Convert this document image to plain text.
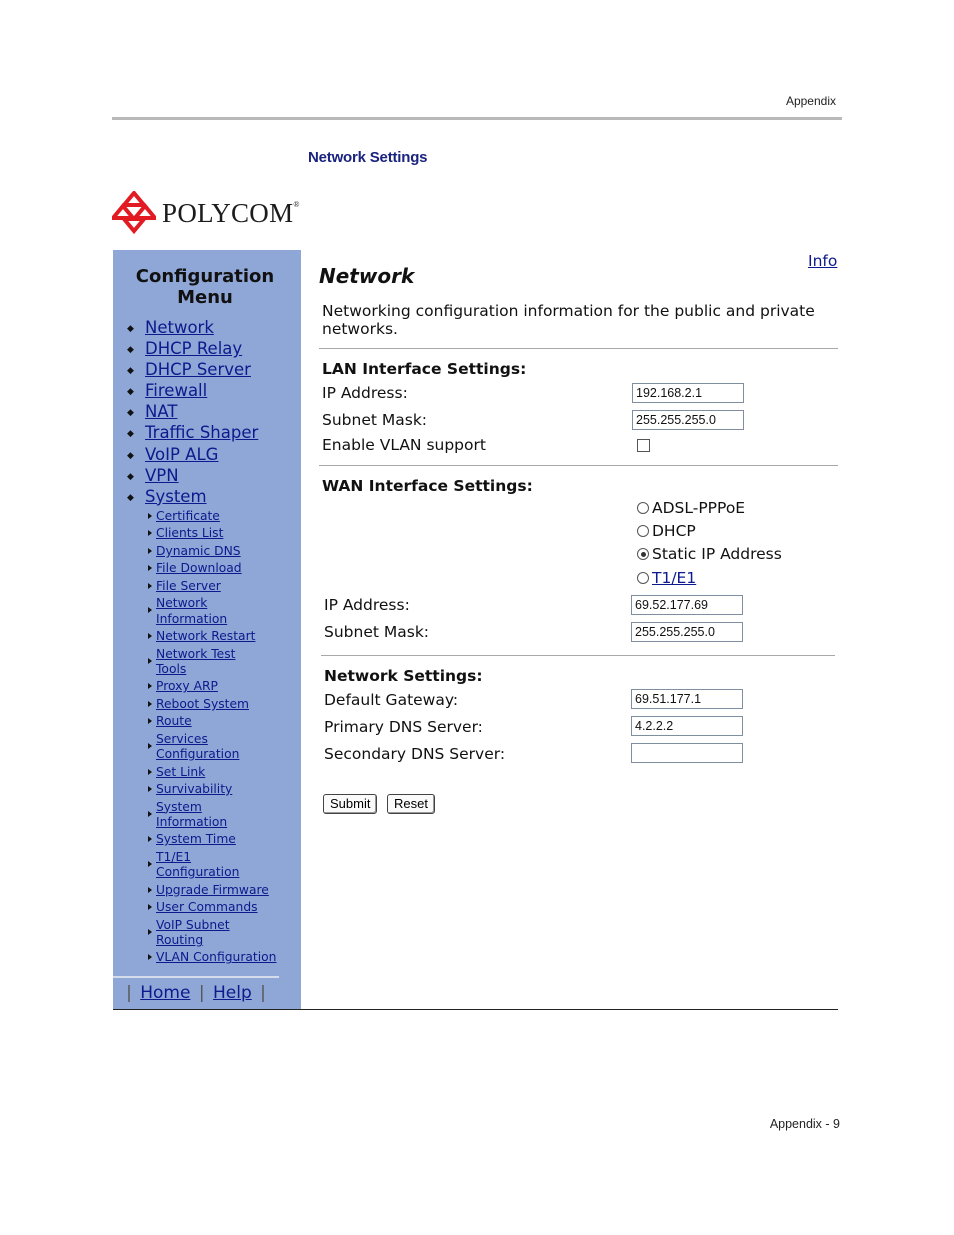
Appendix
Network Settings
POLYCOM®
Configuration
Menu
◆ Network
◆ DHCP Relay
◆ DHCP Server
◆ Firewall
◆ NAT
◆ Traffic Shaper
◆ VoIP ALG
◆ VPN
◆ System
Certificate
Clients List
Dynamic DNS
File Download
File Server
Network
Information
Network Restart
Network Test
Tools
Proxy ARP
Reboot System
Route
Services
Configuration
Set Link
Survivability
System
Information
System Time
T1/E1
Configuration
Upgrade Firmware
User Commands
VoIP Subnet
Routing
VLAN Configuration
| Home | Help |
Info
Network
Networking configuration information for the public and private networks.
LAN Interface Settings:
IP Address:
192.168.2.1
Subnet Mask:
255.255.255.0
Enable VLAN support
WAN Interface Settings:
ADSL-PPPoE
DHCP
Static IP Address
T1/E1
IP Address:
69.52.177.69
Subnet Mask:
255.255.255.0
Network Settings:
Default Gateway:
69.51.177.1
Primary DNS Server:
4.2.2.2
Secondary DNS Server:
Submit	Reset
Appendix - 9
